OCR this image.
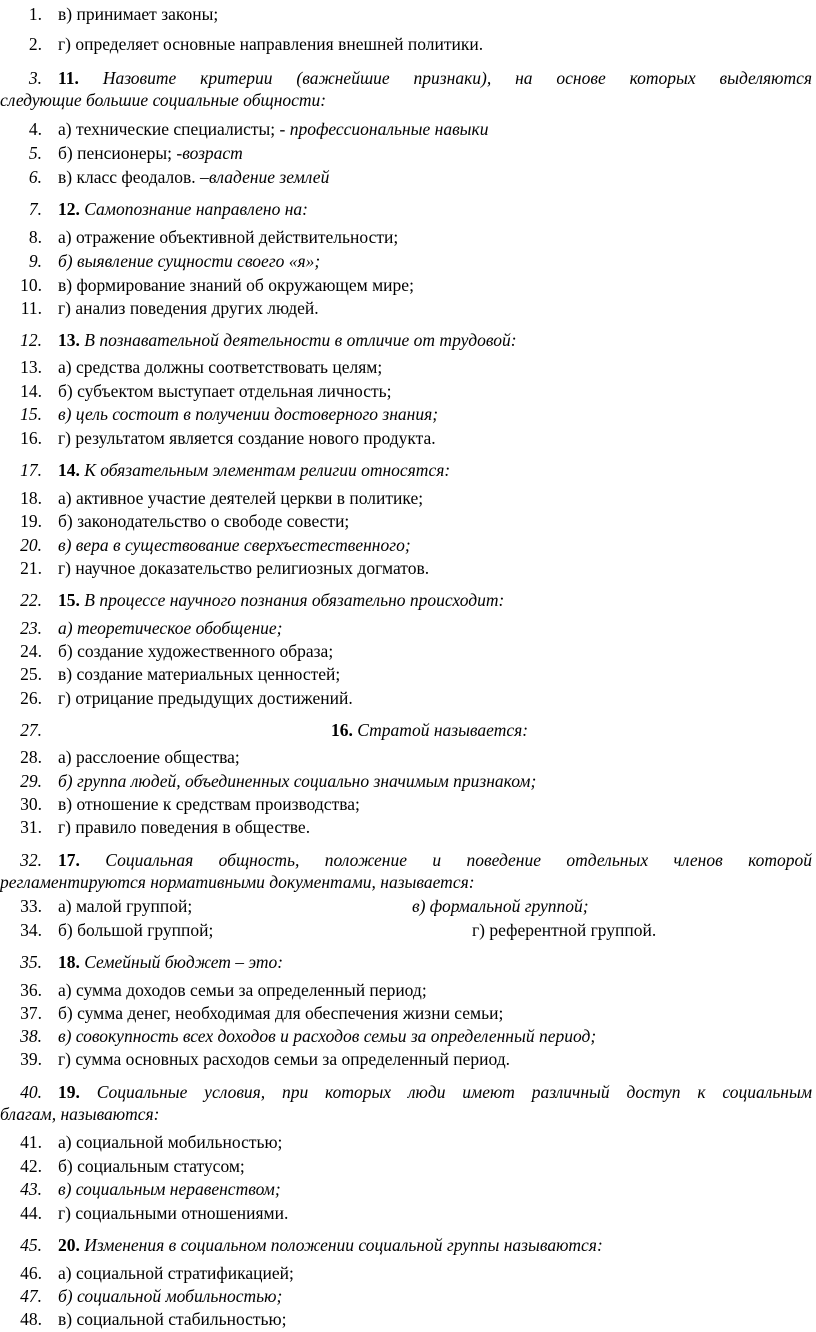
1. в) принимает законы;
2. г) определяет основные направления внешней политики.
3. 11. Назовите критерии (важнейшие признаки), на основе которых выделяются
следующие большие социальные общности:
4. а) технические специалисты; - профессиональные навыки
5. б) пенсионеры; -возраст
6. в) класс феодалов. –владение землей
7. 12. Самопознание направлено на:
8. а) отражение объективной действительности;
9. б) выявление сущности своего «я»;
10. в) формирование знаний об окружающем мире;
11. г) анализ поведения других людей.
12. 13. В познавательной деятельности в отличие от трудовой:
13. а) средства должны соответствовать целям;
14. б) субъектом выступает отдельная личность;
15. в) цель состоит в получении достоверного знания;
16. г) результатом является создание нового продукта.
17. 14. К обязательным элементам религии относятся:
18. а) активное участие деятелей церкви в политике;
19. б) законодательство о свободе совести;
20. в) вера в существование сверхъестественного;
21. г) научное доказательство религиозных догматов.
22. 15. В процессе научного познания обязательно происходит:
23. а) теоретическое обобщение;
24. б) создание художественного образа;
25. в) создание материальных ценностей;
26. г) отрицание предыдущих достижений.
27.	16. Стратой называется:
28. а) расслоение общества;
29. б) группа людей, объединенных социально значимым признаком;
30. в) отношение к средствам производства;
31. г) правило поведения в обществе.
32. 17. Социальная общность, положение и поведение отдельных членов которой
регламентируются нормативными документами, называется:
33. а) малой группой;	в) формальной группой;
34. б) большой группой;	г) референтной группой.
35. 18. Семейный бюджет – это:
36. а) сумма доходов семьи за определенный период;
37. б) сумма денег, необходимая для обеспечения жизни семьи;
38. в) совокупность всех доходов и расходов семьи за определенный период;
39. г) сумма основных расходов семьи за определенный период.
40. 19. Социальные условия, при которых люди имеют различный доступ к социальным
благам, называются:
41. а) социальной мобильностью;
42. б) социальным статусом;
43. в) социальным неравенством;
44. г) социальными отношениями.
45. 20. Изменения в социальном положении социальной группы называются:
46. а) социальной стратификацией;
47. б) социальной мобильностью;
48. в) социальной стабильностью;
